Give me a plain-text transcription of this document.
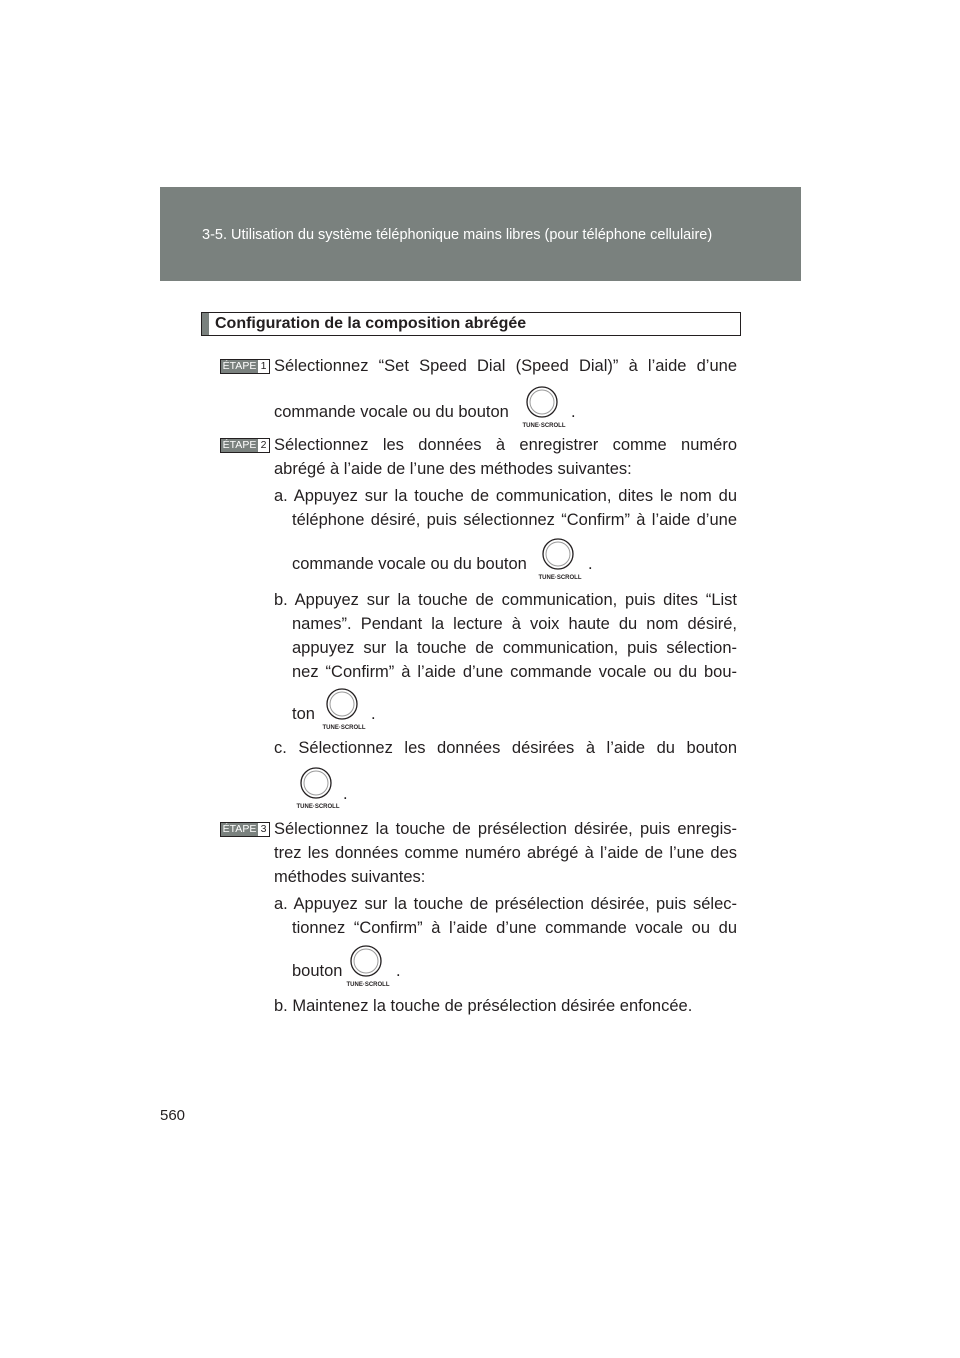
3-5. Utilisation du système téléphonique mains libres (pour téléphone cellulaire)
Configuration de la composition abrégée
ÉTAPE 1 Sélectionnez “Set Speed Dial (Speed Dial)” à l’aide d’une
commande vocale ou du bouton
TUNE·SCROLL
.
ÉTAPE 2 Sélectionnez les données à enregistrer comme numéro
abrégé à l’aide de l’une des méthodes suivantes:
a. Appuyez sur la touche de communication, dites le nom du
téléphone désiré, puis sélectionnez “Confirm” à l’aide d’une
commande vocale ou du bouton
TUNE·SCROLL
.
b. Appuyez sur la touche de communication, puis dites “List
names”. Pendant la lecture à voix haute du nom désiré,
appuyez sur la touche de communication, puis sélection-
nez “Confirm” à l’aide d’une commande vocale ou du bou-
ton
TUNE·SCROLL
.
c. Sélectionnez les données désirées à l’aide du bouton
TUNE·SCROLL
.
ÉTAPE 3 Sélectionnez la touche de présélection désirée, puis enregis-
trez les données comme numéro abrégé à l’aide de l’une des
méthodes suivantes:
a. Appuyez sur la touche de présélection désirée, puis sélec-
tionnez “Confirm” à l’aide d’une commande vocale ou du
bouton
TUNE·SCROLL
.
b. Maintenez la touche de présélection désirée enfoncée.
560
